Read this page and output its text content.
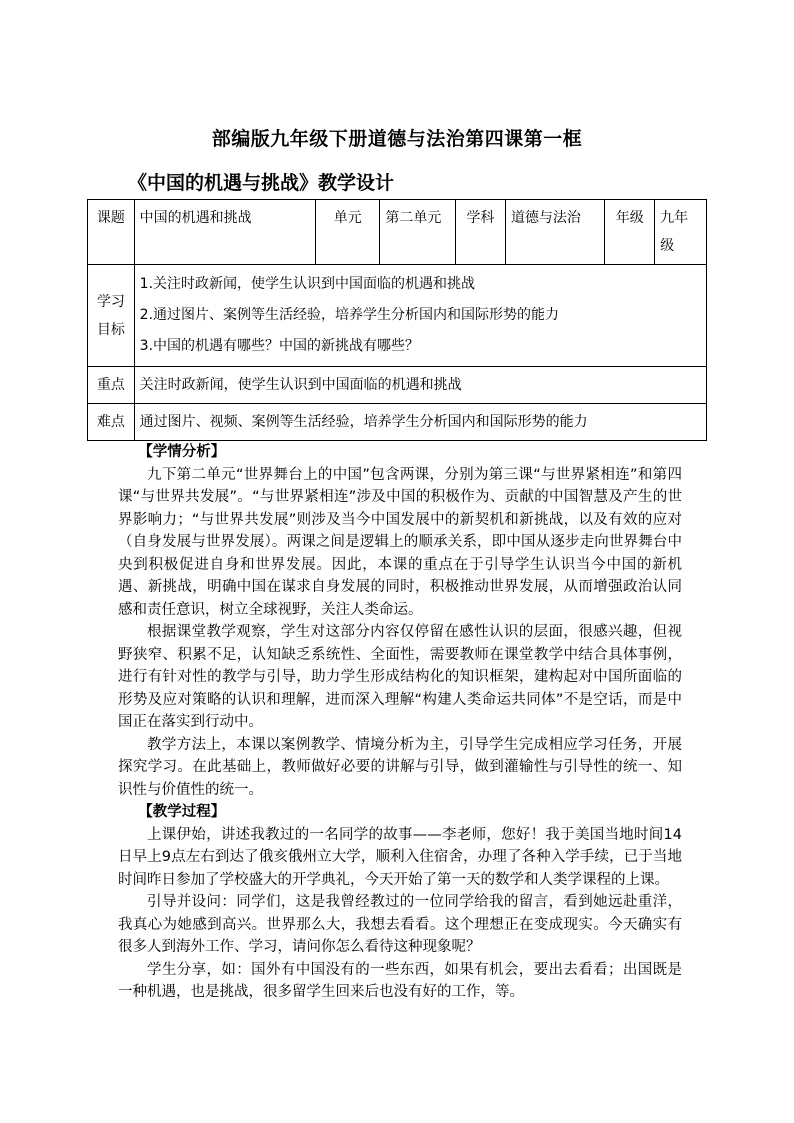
部编版九年级下册道德与法治第四课第一框
《中国的机遇与挑战》教学设计
课题	中国的机遇和挑战	单元	第二单元	学科	道德与法治	年级	九年级
学习目标	1.关注时政新闻，使学生认识到中国面临的机遇和挑战
2.通过图片、案例等生活经验，培养学生分析国内和国际形势的能力
3.中国的机遇有哪些？中国的新挑战有哪些？						

重点	关注时政新闻，使学生认识到中国面临的机遇和挑战						
难点	通过图片、视频、案例等生活经验，培养学生分析国内和国际形势的能力						
【学情分析】

九下第二单元“世界舞台上的中国”包含两课，分别为第三课“与世界紧相连”和第四课“与世界共发展”。“与世界紧相连”涉及中国的积极作为、贡献的中国智慧及产生的世界影响力；“与世界共发展”则涉及当今中国发展中的新契机和新挑战，以及有效的应对（自身发展与世界发展）。两课之间是逻辑上的顺承关系，即中国从逐步走向世界舞台中央到积极促进自身和世界发展。因此，本课的重点在于引导学生认识当今中国的新机遇、新挑战，明确中国在谋求自身发展的同时，积极推动世界发展，从而增强政治认同感和责任意识，树立全球视野，关注人类命运。

根据课堂教学观察，学生对这部分内容仅停留在感性认识的层面，很感兴趣，但视野狭窄、积累不足，认知缺乏系统性、全面性，需要教师在课堂教学中结合具体事例，进行有针对性的教学与引导，助力学生形成结构化的知识框架，建构起对中国所面临的形势及应对策略的认识和理解，进而深入理解“构建人类命运共同体”不是空话，而是中国正在落实到行动中。

教学方法上，本课以案例教学、情境分析为主，引导学生完成相应学习任务，开展探究学习。在此基础上，教师做好必要的讲解与引导，做到灌输性与引导性的统一、知识性与价值性的统一。

【教学过程】

上课伊始，讲述我教过的一名同学的故事——李老师，您好！我于美国当地时间14日早上9点左右到达了俄亥俄州立大学，顺利入住宿舍，办理了各种入学手续，已于当地时间昨日参加了学校盛大的开学典礼，今天开始了第一天的数学和人类学课程的上课。

引导并设问：同学们，这是我曾经教过的一位同学给我的留言，看到她远赴重洋，我真心为她感到高兴。世界那么大，我想去看看。这个理想正在变成现实。今天确实有很多人到海外工作、学习，请问你怎么看待这种现象呢？

学生分享，如：国外有中国没有的一些东西，如果有机会，要出去看看；出国既是一种机遇，也是挑战，很多留学生回来后也没有好的工作，等。
